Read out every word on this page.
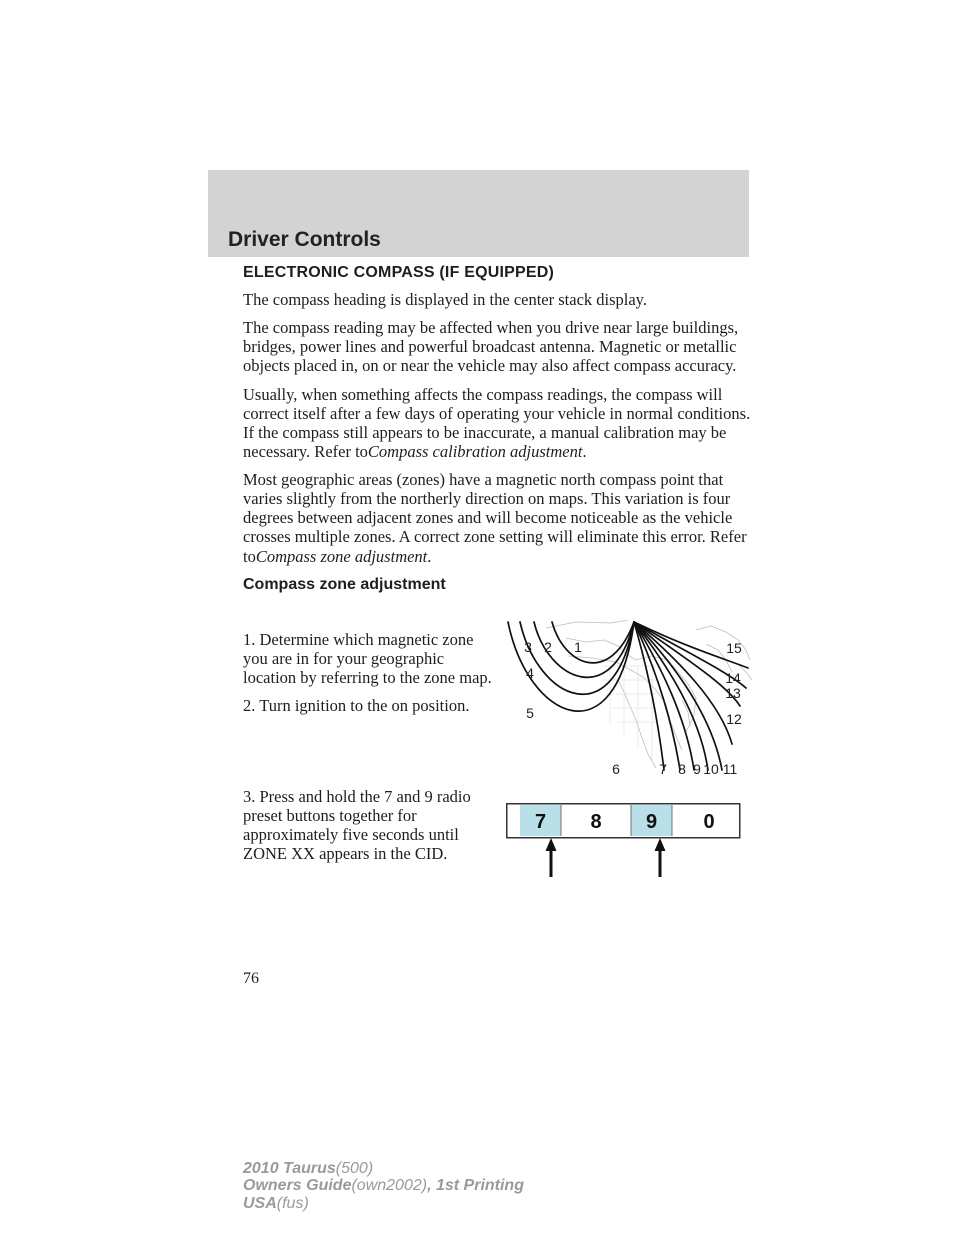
Driver Controls
ELECTRONIC COMPASS (IF EQUIPPED)

The compass heading is displayed in the center stack display.

The compass reading may be affected when you drive near large buildings, bridges, power lines and powerful broadcast antenna. Magnetic or metallic objects placed in, on or near the vehicle may also affect compass accuracy.

Usually, when something affects the compass readings, the compass will correct itself after a few days of operating your vehicle in normal conditions. If the compass still appears to be inaccurate, a manual calibration may be necessary. Refer toCompass calibration adjustment.

Most geographic areas (zones) have a magnetic north compass point that varies slightly from the northerly direction on maps. This variation is four degrees between adjacent zones and will become noticeable as the vehicle crosses multiple zones. A correct zone setting will eliminate this error. Refer toCompass zone adjustment.

Compass zone adjustment

1. Determine which magnetic zone you are in for your geographic location by referring to the zone map.

2. Turn ignition to the on position.

3. Press and hold the 7 and 9 radio preset buttons together for approximately five seconds until ZONE XX appears in the CID.

1
2
3
4
5
6	7 8 9 10 11
12
13
14
15
7 8 9 0

76

2010 Taurus(500)
Owners Guide(own2002), 1st Printing
USA(fus)
